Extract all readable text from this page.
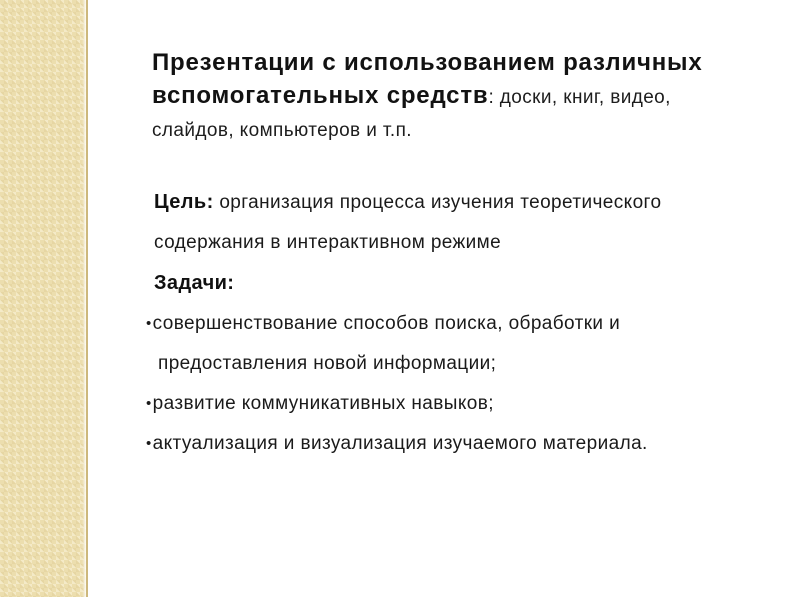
Презентации с использованием различных
вспомогательных средств: доски, книг, видео,
слайдов, компьютеров и т.п.
Цель: организация процесса изучения теоретического
содержания в интерактивном режиме
Задачи:
•совершенствование способов поиска, обработки и
предоставления новой информации;
•развитие коммуникативных навыков;
•актуализация и визуализация изучаемого материала.
